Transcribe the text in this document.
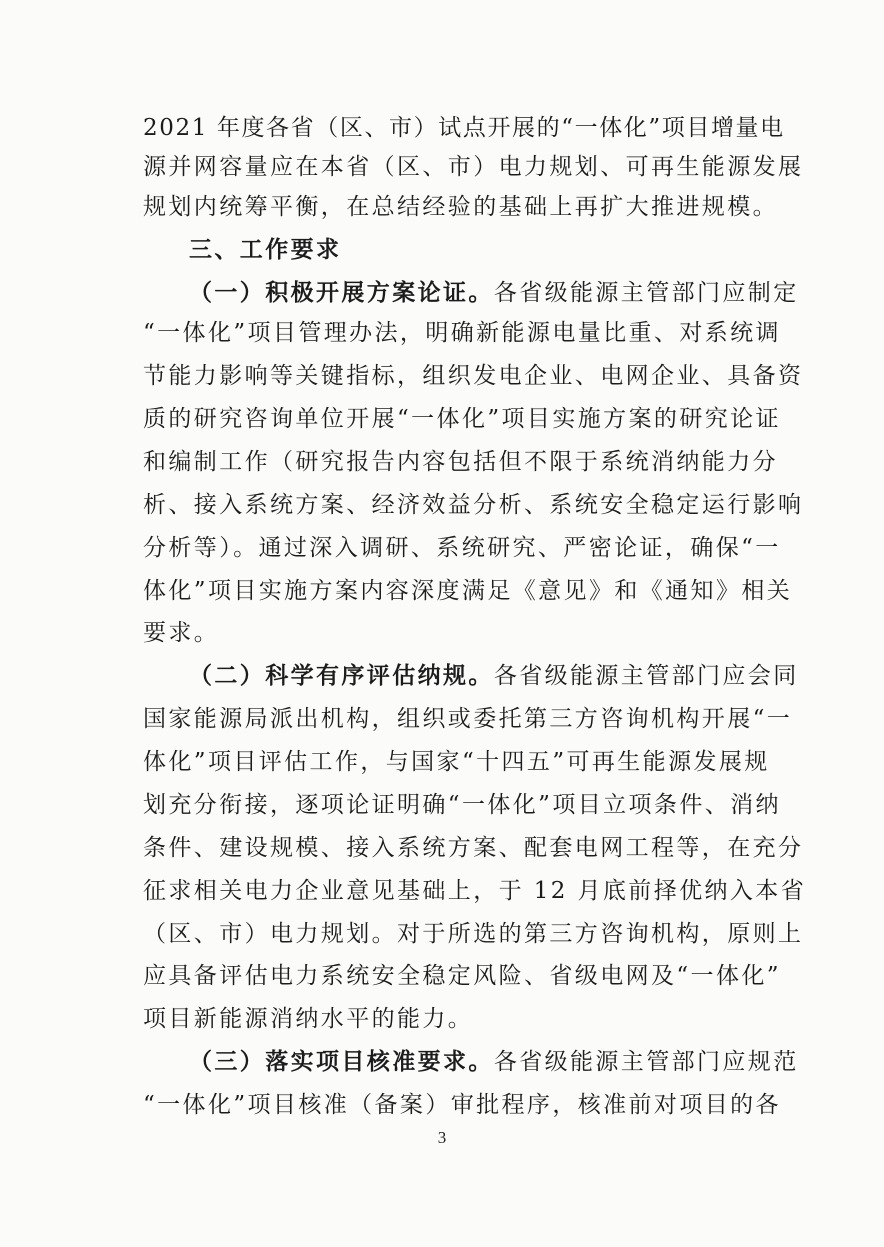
2021 年度各省（区、市）试点开展的“一体化”项目增量电
源并网容量应在本省（区、市）电力规划、可再生能源发展
规划内统筹平衡，在总结经验的基础上再扩大推进规模。
三、工作要求
（一）积极开展方案论证。各省级能源主管部门应制定
“一体化”项目管理办法，明确新能源电量比重、对系统调
节能力影响等关键指标，组织发电企业、电网企业、具备资
质的研究咨询单位开展“一体化”项目实施方案的研究论证
和编制工作（研究报告内容包括但不限于系统消纳能力分
析、接入系统方案、经济效益分析、系统安全稳定运行影响
分析等）。通过深入调研、系统研究、严密论证，确保“一
体化”项目实施方案内容深度满足《意见》和《通知》相关
要求。
（二）科学有序评估纳规。各省级能源主管部门应会同
国家能源局派出机构，组织或委托第三方咨询机构开展“一
体化”项目评估工作，与国家“十四五”可再生能源发展规
划充分衔接，逐项论证明确“一体化”项目立项条件、消纳
条件、建设规模、接入系统方案、配套电网工程等，在充分
征求相关电力企业意见基础上，于 12 月底前择优纳入本省
（区、市）电力规划。对于所选的第三方咨询机构，原则上
应具备评估电力系统安全稳定风险、省级电网及“一体化”
项目新能源消纳水平的能力。
（三）落实项目核准要求。各省级能源主管部门应规范
“一体化”项目核准（备案）审批程序，核准前对项目的各
3
